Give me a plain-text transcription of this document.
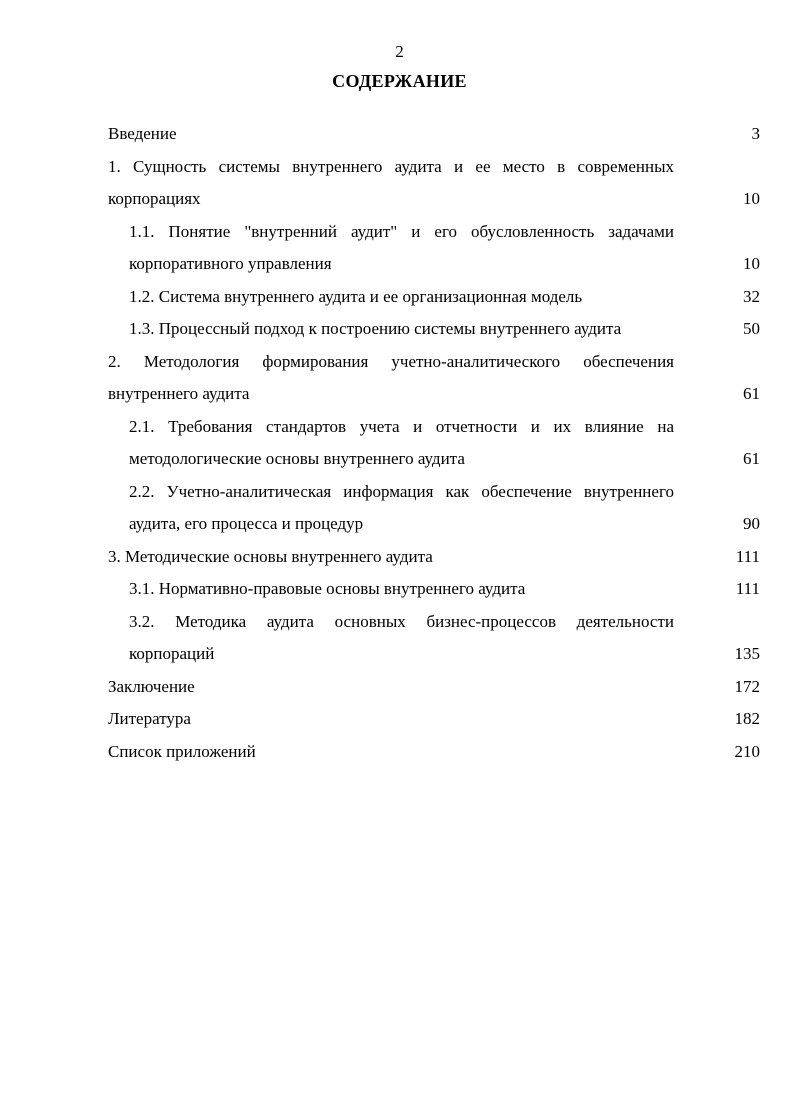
2
СОДЕРЖАНИЕ
Введение	3
1. Сущность системы внутреннего аудита и ее место в современных корпорациях	10
1.1. Понятие "внутренний аудит" и его обусловленность задачами корпоративного управления	10
1.2. Система внутреннего аудита и ее организационная модель	32
1.3. Процессный подход к построению системы внутреннего аудита	50
2. Методология формирования учетно-аналитического обеспечения внутреннего аудита	61
2.1. Требования стандартов учета и отчетности и их влияние на методологические основы внутреннего аудита	61
2.2. Учетно-аналитическая информация как обеспечение внутреннего аудита, его процесса и процедур	90
3. Методические основы внутреннего аудита	111
3.1. Нормативно-правовые основы внутреннего аудита	111
3.2. Методика аудита основных бизнес-процессов деятельности корпораций	135
Заключение	172
Литература	182
Список приложений	210
